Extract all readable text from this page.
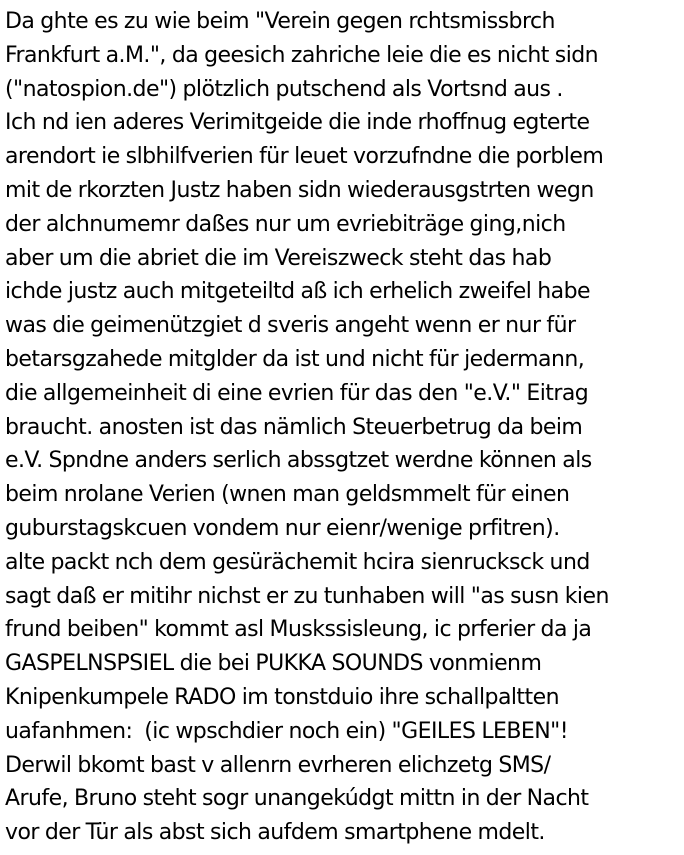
Da ghte es zu wie beim "Verein gegen rchtsmissbrch
Frankfurt a.M.", da geesich zahriche leie die es nicht sidn
("natospion.de") plötzlich putschend als Vortsnd aus .
Ich nd ien aderes Verimitgeide die inde rhoffnug egterte
arendort ie slbhilfverien für leuet vorzufndne die porblem
mit de rkorzten Justz haben sidn wiederausgstrten wegn
der alchnumemr daßes nur um evriebiträge ging,nich
aber um die abriet die im Vereiszweck steht das hab
ichde justz auch mitgeteiltd aß ich erhelich zweifel habe
was die geimenützgiet d sveris angeht wenn er nur für
betarsgzahede mitglder da ist und nicht für jedermann,
die allgemeinheit di eine evrien für das den "e.V." Eitrag
braucht. anosten ist das nämlich Steuerbetrug da beim
e.V. Spndne anders serlich abssgtzet werdne können als
beim nrolane Verien (wnen man geldsmmelt für einen
guburstagskcuen vondem nur eienr/wenige prfitren).
alte packt nch dem gesürächemit hcira sienrucksck und
sagt daß er mitihr nichst er zu tunhaben will "as susn kien
frund beiben" kommt asl Muskssisleung, ic prferier da ja
GASPELNSPSIEL die bei PUKKA SOUNDS vonmienm
Knipenkumpele RADO im tonstduio ihre schallpaltten
uafanhmen:  (ic wpschdier noch ein) "GEILES LEBEN"!
Derwil bkomt bast v allenrn evrheren elichzetg SMS/
Arufe, Bruno steht sogr unangekúdgt mittn in der Nacht
vor der Tür als abst sich aufdem smartphene mdelt.
